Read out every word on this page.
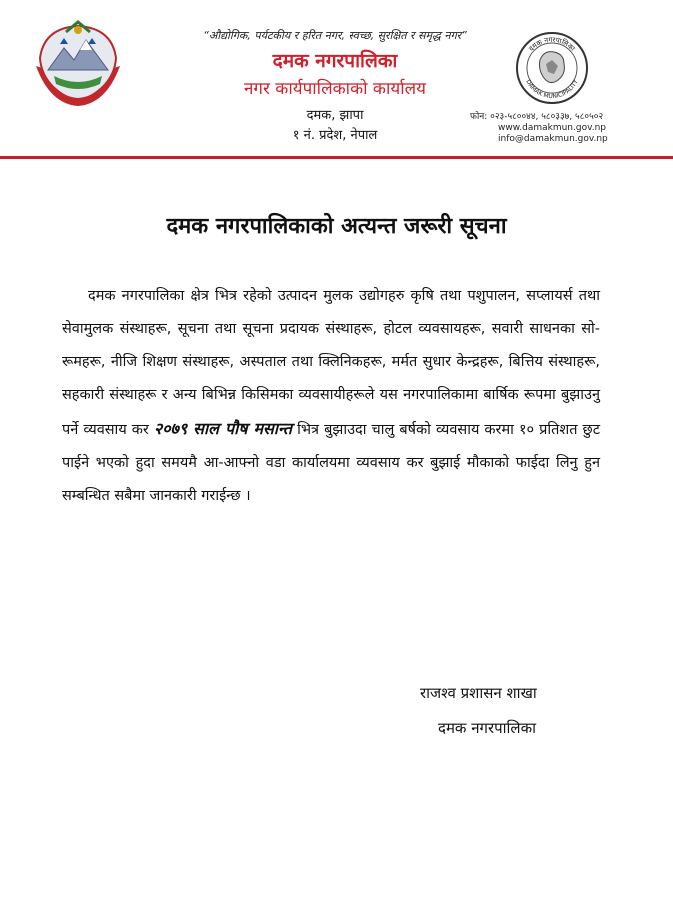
दमक नगरपालिका
DAMAK MUNICIPALITY
“औद्योगिक, पर्यटकीय र हरित नगर, स्वच्छ, सुरक्षित र समृद्ध नगर”
दमक नगरपालिका
नगर कार्यपालिकाको कार्यालय
दमक, झापा
१ नं. प्रदेश, नेपाल
फोन: ०२३-५८००४४, ५८०३३७, ५८०५०२
www.damakmun.gov.np
info@damakmun.gov.np
दमक नगरपालिकाको अत्यन्त जरूरी सूचना
दमक नगरपालिका क्षेत्र भित्र रहेको उत्पादन मुलक उद्योगहरु कृषि तथा पशुपालन, सप्लायर्स तथा सेवामुलक संस्थाहरू, सूचना तथा सूचना प्रदायक संस्थाहरू, होटल व्यवसायहरू, सवारी साधनका सो-रूमहरू, नीजि शिक्षण संस्थाहरू, अस्पताल तथा क्लिनिकहरू, मर्मत सुधार केन्द्रहरू, बित्तिय संस्थाहरू, सहकारी संस्थाहरू र अन्य बिभिन्न किसिमका व्यवसायीहरूले यस नगरपालिकामा बार्षिक रूपमा बुझाउनु पर्ने व्यवसाय कर २०७९ साल पौष मसान्त भित्र बुझाउदा चालु बर्षको व्यवसाय करमा १० प्रतिशत छुट पाईने भएको हुदा समयमै आ-आफ्नो वडा कार्यालयमा व्यवसाय कर बुझाई मौकाको फाईदा लिनु हुन सम्बन्धित सबैमा जानकारी गराईन्छ ।
राजश्व प्रशासन शाखा
दमक नगरपालिका
